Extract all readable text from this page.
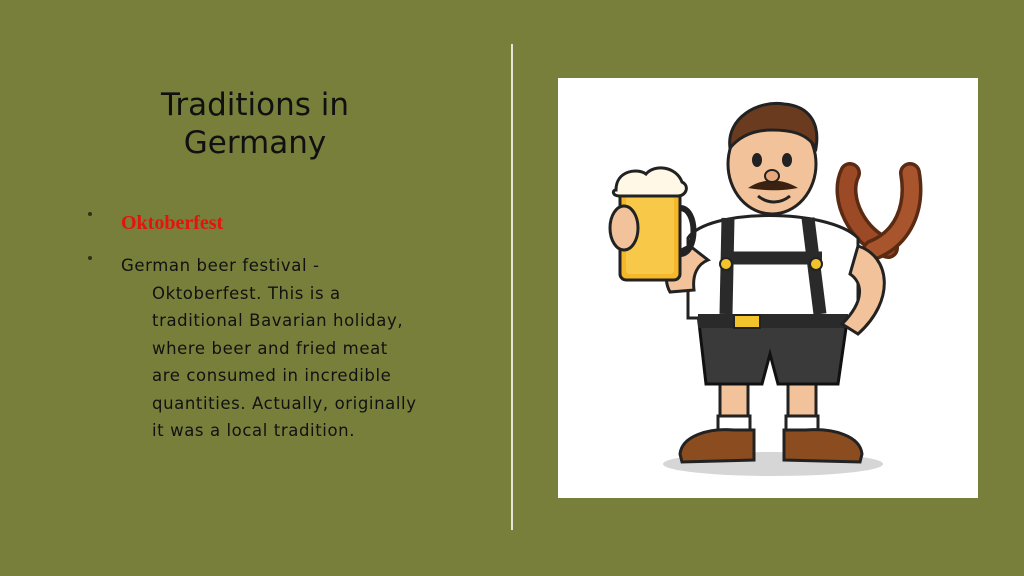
Traditions in Germany
Oktoberfest
German beer festival - Oktoberfest. This is a traditional Bavarian holiday, where beer and fried meat are consumed in incredible quantities. Actually, originally it was a local tradition.
